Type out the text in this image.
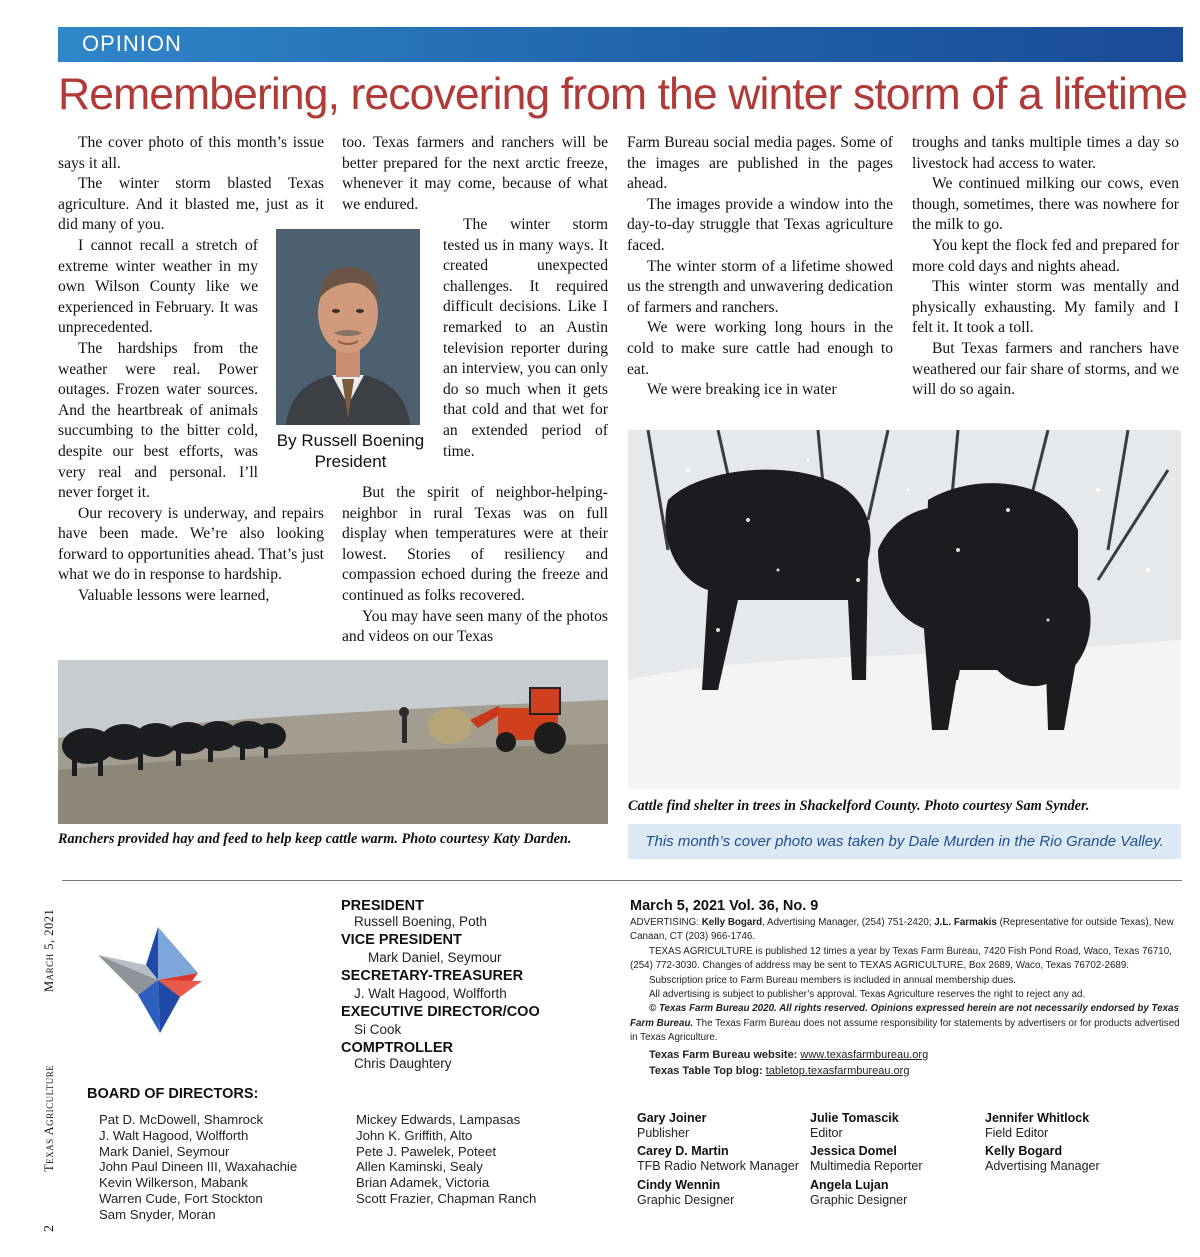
OPINION
Remembering, recovering from the winter storm of a lifetime

The cover photo of this month’s issue says it all.

The winter storm blasted Texas agriculture. And it blasted me, just as it did many of you.

I cannot recall a stretch of extreme winter weather in my own Wilson County like we experienced in February. It was unprecedented.

The hardships from the weather were real. Power outages. Frozen water sources. And the heartbreak of animals succumbing to the bitter cold, despite our best efforts, was very real and personal. I’ll never forget it.

Our recovery is underway, and repairs have been made. We’re also looking forward to opportunities ahead. That’s just what we do in response to hardship.

Valuable lessons were learned,

too. Texas farmers and ranchers will be better prepared for the next arctic freeze, whenever it may come, because of what we endured.

The winter storm tested us in many ways. It created unexpected challenges. It required difficult decisions. Like I remarked to an Austin television reporter during an interview, you can only do so much when it gets that cold and that wet for an extended period of time.

But the spirit of neighbor-helping-neighbor in rural Texas was on full display when temperatures were at their lowest. Stories of resiliency and compassion echoed during the freeze and continued as folks recovered.

You may have seen many of the photos and videos on our Texas

By Russell Boening
President

Farm Bureau social media pages. Some of the images are published in the pages ahead.

The images provide a window into the day-to-day struggle that Texas agriculture faced.

The winter storm of a lifetime showed us the strength and unwavering dedication of farmers and ranchers.

We were working long hours in the cold to make sure cattle had enough to eat.

We were breaking ice in water

troughs and tanks multiple times a day so livestock had access to water.

We continued milking our cows, even though, sometimes, there was nowhere for the milk to go.

You kept the flock fed and prepared for more cold days and nights ahead.

This winter storm was mentally and physically exhausting. My family and I felt it. It took a toll.

But Texas farmers and ranchers have weathered our fair share of storms, and we will do so again.

Ranchers provided hay and feed to help keep cattle warm. Photo courtesy Katy Darden.
Cattle find shelter in trees in Shackelford County. Photo courtesy Sam Synder.
This month’s cover photo was taken by Dale Murden in the Rio Grande Valley.
March 5, 2021
Texas Agriculture
2
PRESIDENT
Russell Boening, Poth
VICE PRESIDENT
Mark Daniel, Seymour
SECRETARY-TREASURER
J. Walt Hagood, Wolfforth
EXECUTIVE DIRECTOR/COO
Si Cook
COMPTROLLER
Chris Daughtery
March 5, 2021 Vol. 36, No. 9

ADVERTISING: Kelly Bogard, Advertising Manager, (254) 751-2420; J.L. Farmakis (Representative for outside Texas), New Canaan, CT (203) 966-1746.

TEXAS AGRICULTURE is published 12 times a year by Texas Farm Bureau, 7420 Fish Pond Road, Waco, Texas 76710, (254) 772-3030. Changes of address may be sent to TEXAS AGRICULTURE, Box 2689, Waco, Texas 76702-2689.

Subscription price to Farm Bureau members is included in annual membership dues.

All advertising is subject to publisher’s approval. Texas Agriculture reserves the right to reject any ad.

© Texas Farm Bureau 2020. All rights reserved. Opinions expressed herein are not necessarily endorsed by Texas Farm Bureau. The Texas Farm Bureau does not assume responsibility for statements by advertisers or for products advertised in Texas Agriculture.

Texas Farm Bureau website: www.texasfarmbureau.org

Texas Table Top blog: tabletop.texasfarmbureau.org

BOARD OF DIRECTORS:
Pat D. McDowell, Shamrock
J. Walt Hagood, Wolfforth
Mark Daniel, Seymour
John Paul Dineen III, Waxahachie
Kevin Wilkerson, Mabank
Warren Cude, Fort Stockton
Sam Snyder, Moran
Mickey Edwards, Lampasas
John K. Griffith, Alto
Pete J. Pawelek, Poteet
Allen Kaminski, Sealy
Brian Adamek, Victoria
Scott Frazier, Chapman Ranch
Gary Joiner
Publisher
Julie Tomascik
Editor
Jennifer Whitlock
Field Editor
Carey D. Martin
TFB Radio Network Manager
Jessica Domel
Multimedia Reporter
Kelly Bogard
Advertising Manager
Cindy Wennin
Graphic Designer
Angela Lujan
Graphic Designer
